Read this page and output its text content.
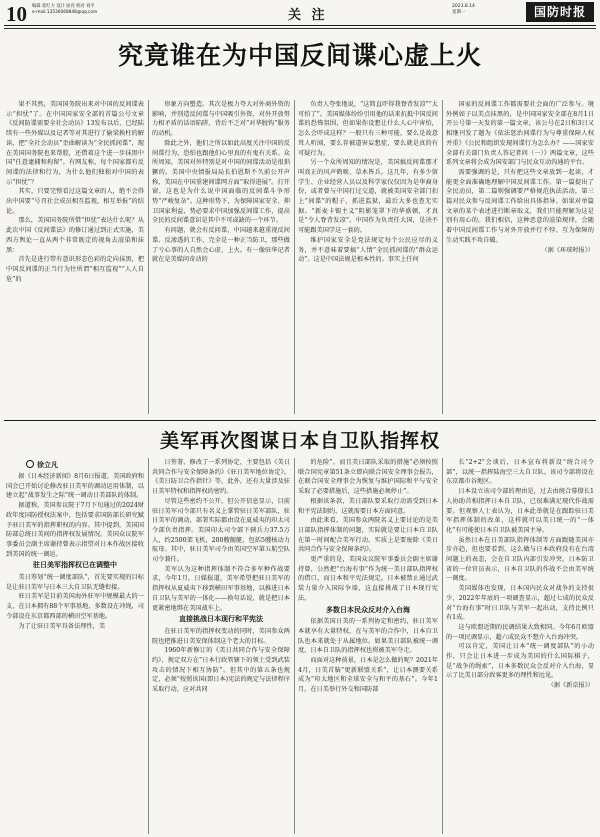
10 编辑 崔红力 设计 屈亮 校对 刘平
e-mail:13536068848@qq.com	关 注
2023.8.14
星期一	国防时报
究竟谁在为中国反间谍心虚上火

果不其然，美国国务院出来对中国的反间谍表示“担忧”了。在中国国家安全部的首篇公号文章《反间防谍需要全社会动员》13发布以后，已经陆续有一些外媒以及记者等对其进行了偷梁换柱的解读，把“全社会动员”歪曲解读为“全民抓间谍”，现在美国国务院也来帮腔，还借着这个进一步抹黑中国“任意逮捕和拘留”。有网友称，每个国家都有反间谍的法律和行为，为什么他们独独对中国的表示“担忧”？

其实，只要完整看过这篇文章的人，绝不会得出中国要“号召社会成员相互监视，相互举报”的结论。

那么，美国国务院所借“担忧”表达什么呢？从此次中国《反间谍法》的修订通过到正式实施，美西方舆论一直从两个非常既定的视角去渲染和抹黑：

首先是进行带有意识形态色彩的定向抹黑，把中国反间谍的正当行为往所谓“相互监视”“人人自危”的

形象方向塑造。其次是极力夸大对外商外资的影响，并别造反间谍与中国吸引外资、对外开放努力相矛盾的话语陷阱，背后不乏对“对华脱钩”服务的动机。

除此之外，他们之所以如此高度关注中国的反间谍行为，恐怕也跟他们心里真的有鬼有关系。众所周知，美国对外特别是对中国的间谍活动是很猖獗的。美国中央情报局局长伯恩斯不久前公开声称，美国在中国重建间谍网方面“取得进展”。打开窗，这也是为什么说中国面临的反间谍斗争形势“严峻复杂”。这种形势下，为保障国家安全、抑卫国家利益，势必要求中国加强反间谍工作，提高全民的反间谍意识是其中不可或缺的一个环节。

有问题，就会有反问谍，中国越来越重视反间谍、反渗透的工作，完全是一种正当防卫，那些做了亏心事的人自然会心虚、上火。有一像驻华记者就在是美媒问奇动的

负责人夸张地说，“这简直吓得我脊背发凉”“太可怕了”。美国媒体纷纷引用他的话来抗抵中国反间谍的恐怖氛围，但如果你设想让什么人心中害怕，怎么会吓成这样？一般只有三种可能，要么是故意耸人听闻，要么存被道害妄想症，要么就是真的有可疑行为。

另一个众所周知的情况是，美国搞反间谍那才叫真正的风声鹤唳、草木皆兵。这几年，有多少留学生、企业经营人员以及科学家仅仅因为是华裔身份，或者曾与中国打过交道，就被美国安全部门扣上“间谍”的帽子，抓进监狱，最后大多也查无实据。“新麦卡锡主义”阴影笼罩下的华盛顿，才真是“令人脊背发凉”。中国作为负责任大国，是决不可能跟美国学这一套的。

维护国家安全是党法规定每个公民应尽的义务，并不意味着要搞“人情”全民抓间谍的“群众运动”。这是中国法规是根本性的。事实上任何

国家的反间谍工作都需要社会面的广泛参与。境外例如子以美点抹黑的，是中国国家安全部在8月1日开公号第一天发的第一篇文章，该公号在2日和3日又相继刊发了题为《依法惩治间谍行为与尊重保障人权并重》《公民和组织发现间谍行为怎么办？——国家安全部有关部门负责人答记者问（一）》两篇文章，这些系列文章将会成为国安部门与民众互动沟通的平台。

需要强调的是，只有把这些文章放到一起读，才能更全面准确地理解中国反间谍工作。第一篇提出了全民动员，第二篇则强调要严格规范执法活动，第三篇对民众参与反间谍工作给出具体指导。如果对单篇文章的某个表述进行断章取义，我们只能理解为这是别有用心的。我们相信，这种恶意的渲染规律，会随着中国反间谍工作与对外开放并行不悖、互为保障的生动实践不攻自破。

（据《环球时报》）

美军再次图谋日本自卫队指挥权
徐立凡

据《日本经济新闻》8月6日报道，美国政府和国会已开始讨论修改驻日美军的调动运用体制，以建立起“战事发生之际”统一调动日美部队的体制。

据道称，美国参议院于7月下旬通过的2024财政年度国防授权法案中，包括要求国防部长研究赋予驻日美军的指挥职权的内容。其中提到，美国国防部总统日美间的指挥权发展情况。美国众议院军事委员会副主席谢持曾表示指望对日本作战区接收到美国的统一调运。

驻日美军指挥权已在调整中

美日筹划“统一调度部队”，首先要实现的目标是让驻日美军与日本三大自卫队无缝衔接。

驻日美军是目前美国海外驻军中规模最大的一支，在日本拥有88个军事基地，多数设在冲绳，司令部设在东京都西部的横田空军基地。

为了让驻日美军具备法理性，美

日签署、修改了一系列协定，主要包括《美日共同合作与安全保障条约》《驻日美军地位协定》。《美日防卫合作指针》等，此外，还有大量涉及驻日美军特权和指挥权的密约。

尽管这些密约不公开，但公开信息显示，目前驻日美军司令部只有名义上掌管驻日美军部队，驻日美军的调动，部署实际都由设在夏威夷的印太司令部负责指挥。美国印太司令部下辖兵力37.5万人，约2500架飞机，200艘舰艇，包括5艘核动力航母。其中，驻日美军司令由美国空军第五航空队司令兼任。

美军认为这种指挥体制不符合多军种作战要求，今年1月，日媒报道，美军希望把驻日美军的指挥权从夏威夷下移到横田军事基地，以推进日本自卫队与美军的一体化——换句话说，就是把日本更紧密地绑在美国战车上。

直接挑战日本现行和平宪法

在驻日美军的指挥权变动的同时，美国参众两院也把推进日美安保体制这个老大的目标。

1960年新修订的《美日共同合作与安全保障约》，规定双方在“日本行政管辖下的领土受到武装攻击的情况下相互协防”。但其中的第五条也规定，必须“按照该国(即日本)宪法的规定与法律程序采取行动，应对共同

的危险”。而且美日部队采取的措施“必须按照联合国宪章第51条立即向联合国安全理事会报告，在联合国安全理事会为恢复与维护国际和平与安全采取了必要措施后，这些措施必须停止”。

根据该条款，美日部队要采取行动需受到日本和平宪法制约，这就需要日本方面同意。

由此来看，美国参众两院名义上要讨论的是美日部队指挥体制的问题，实际就是要让日本自卫队在第一时间配合美军行动。实质上是要废除《美日共同合作与安全保障条约》。

更严重的是，美国众议院军事委员会副主席谢持曾，公然把“台海有事”作为统一美日部队指挥权的借口，而日本和平宪法规定，日本被禁止通过武装力量介入国际争端，这直接挑战了日本现行宪法。

多数日本民众反对介入台海

依据美国日美的一系列协定和密约，驻日美军本就享有大量特权，在与美军的合作中，日本自卫队也本来就处于从属地位。如果美日部队被统一调度，日本自卫队的指挥权也将被美军夺走。

而面对这种前景，日本是怎么做的呢？2021年4月，日美首脑“更新联盟关系”，让日本测要关系成为“印太地区和全球安全与和平的基石”。今年1月，在日美举行外交和国防部

长“2+2”会谈后，日本宣布将新设“统合司令部”，以统一指挥陆海空三大自卫队。该司令部将设在东京都市谷地区。

日本设立该司令部的理由是，过去由统合幕僚长1人协助首相指挥日本自卫队，已很难满足现代作战需要。但观察人士表认为，日本此举就是在跟踪驻日美军指挥体制的改革，这样就可以美日统一的“一体化”有可能使日本自卫队被美国主导。

虽然日本在日美部队指挥体制等方面跟随美国亦步亦趋，但也要看到，这么做与日本政府没有在台湾问题上的表态，会在自卫队内部引发冲突。日本防卫省的一位官员表示，日本自卫队的作战不会由美军统一调度。

美国媒体也发现，日本国内民众对战争的支持很少，2022年年底的一项调查显示，超过七成的民众反对“台海有事”时日卫队与美军一起出动，支持比例只有1成。

这与欧盟近期的民调结果大致相同。今年6月欧盟的一项民调显示，超六成民众不想介入台海冲突。

可以肯定，美国让日本“统一调度部队”的小动作，只会让日本进一步成为美国的什么国际棋子，是“战争的绳索”，日本多数民众会反对介入台海，显示了比美日部分政客更多的理性和远见。

（据《新京报》）
